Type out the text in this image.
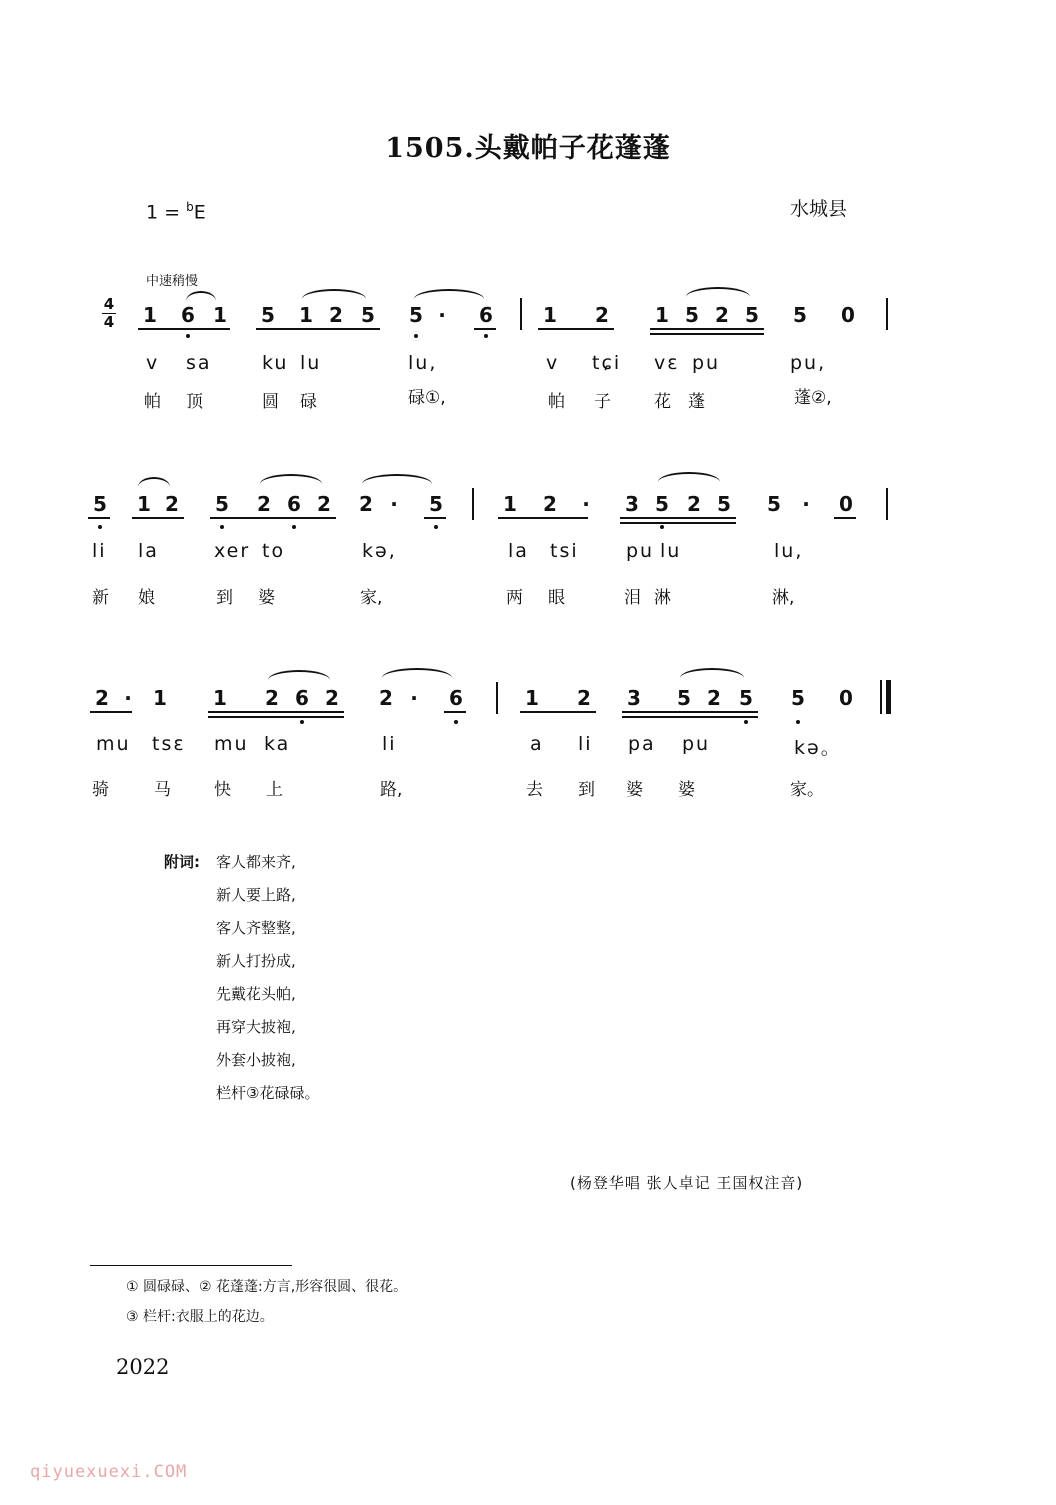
1505.头戴帕子花蓬蓬
1 = $^b$E	水城县
中速稍慢
4
4 1 6 1 5 1 2 5 5 ·	6	1 2 1 5 2 5 5 0
v sa	ku lu	lu,	v tɕi vɛ pu	pu,
帕 顶	圆 碌	碌①,	帕 子	花 蓬	蓬②,
5 1 2 5 2 6 2 2 ·	5	1 2	·	3 5 2 5 5	·	0
li la	xer to	kə,	la tsi pu lu	lu,
新 娘	到 婆	家,	两 眼	泪 淋	淋,
2 ·	1 1 2 6 2 2 ·	6	1 2 3 5 2 5 5 0
mu tsɛ mu ka	li	a li pa pu	kə。
骑	马	快 上	路,	去 到 婆 婆	家。
附词: 客人都来齐,
新人要上路,
客人齐整整,
新人打扮成,
先戴花头帕,
再穿大披袍,
外套小披袍,
栏杆③花碌碌。
(杨登华唱 张人卓记 王国权注音)
① 圆碌碌、② 花蓬蓬:方言,形容很圆、很花。
③ 栏杆:衣服上的花边。
2022
qiyuexuexi.COM
